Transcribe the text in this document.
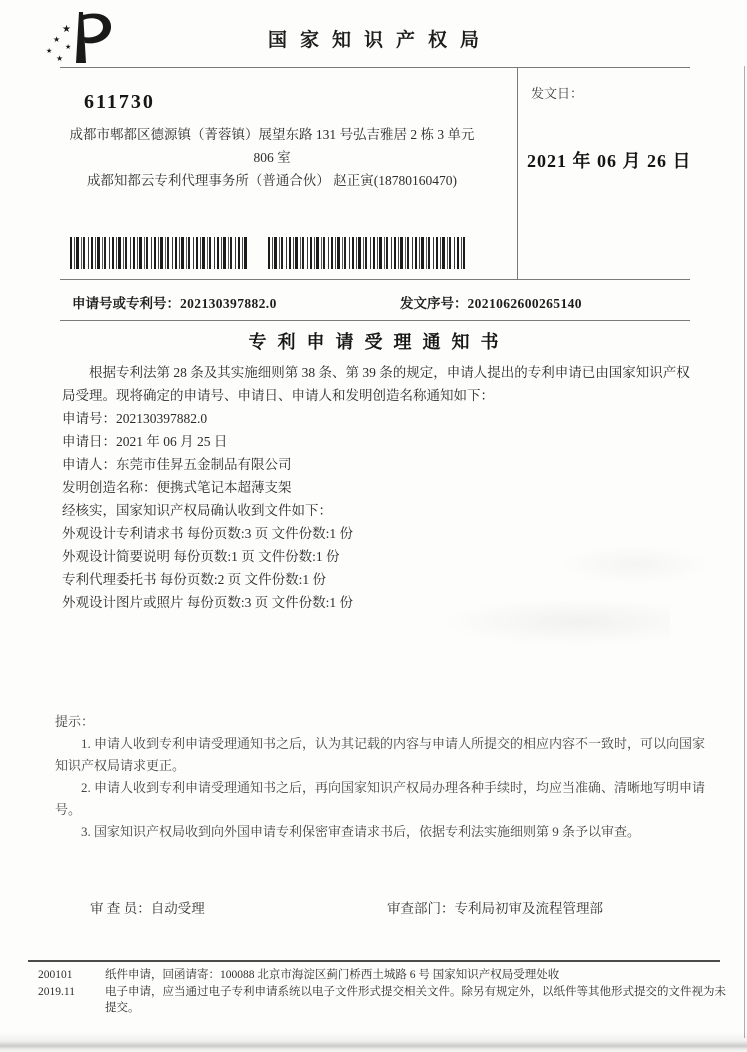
★
★
★
★
★
国家知识产权局
发文日：
2021 年 06 月 26 日
611730
成都市郫都区德源镇（菁蓉镇）展望东路 131 号弘吉雅居 2 栋 3 单元
806 室
成都知都云专利代理事务所（普通合伙） 赵正寅(18780160470)
申请号或专利号：202130397882.0	发文序号：2021062600265140
专利申请受理通知书

根据专利法第 28 条及其实施细则第 38 条、第 39 条的规定，申请人提出的专利申请已由国家知识产权局受理。现将确定的申请号、申请日、申请人和发明创造名称通知如下：

申请号：202130397882.0

申请日：2021 年 06 月 25 日

申请人：东莞市佳昇五金制品有限公司

发明创造名称：便携式笔记本超薄支架

经核实，国家知识产权局确认收到文件如下：

外观设计专利请求书 每份页数:3 页 文件份数:1 份

外观设计简要说明 每份页数:1 页 文件份数:1 份

专利代理委托书 每份页数:2 页 文件份数:1 份

外观设计图片或照片 每份页数:3 页 文件份数:1 份

提示：

1. 申请人收到专利申请受理通知书之后，认为其记载的内容与申请人所提交的相应内容不一致时，可以向国家知识产权局请求更正。

2. 申请人收到专利申请受理通知书之后，再向国家知识产权局办理各种手续时，均应当准确、清晰地写明申请号。

3. 国家知识产权局收到向外国申请专利保密审查请求书后，依据专利法实施细则第 9 条予以审查。

审 查 员：自动受理	审查部门：专利局初审及流程管理部
200101
2019.11
纸件申请，回函请寄：100088 北京市海淀区蓟门桥西土城路 6 号 国家知识产权局受理处收
电子申请，应当通过电子专利申请系统以电子文件形式提交相关文件。除另有规定外，以纸件等其他形式提交的文件视为未提交。
